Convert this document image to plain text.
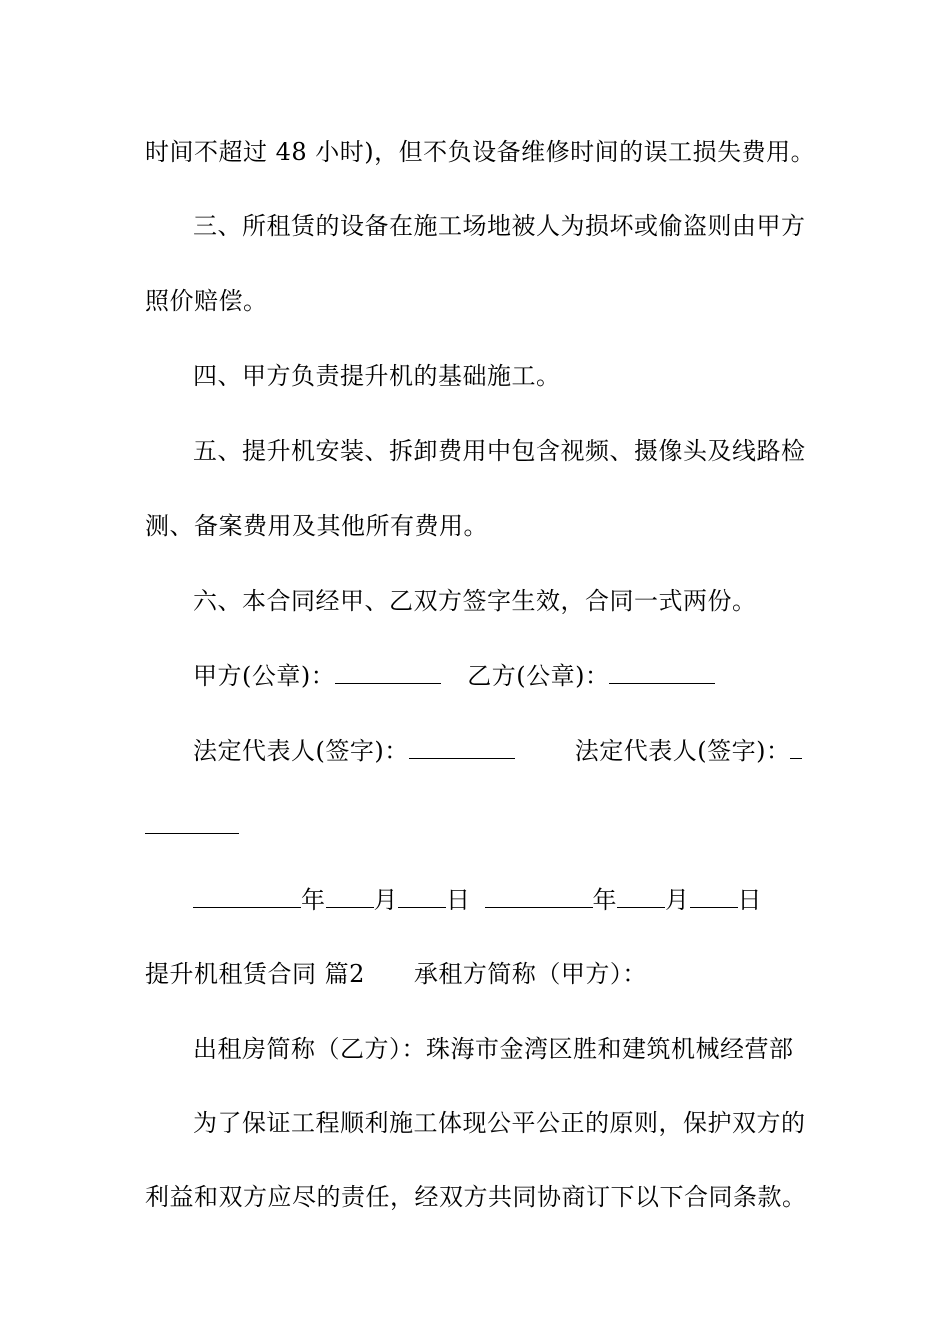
时间不超过 48 小时)，但不负设备维修时间的误工损失费用。
三、所租赁的设备在施工场地被人为损坏或偷盗则由甲方
照价赔偿。
四、甲方负责提升机的基础施工。
五、提升机安装、拆卸费用中包含视频、摄像头及线路检
测、备案费用及其他所有费用。
六、本合同经甲、乙双方签字生效，合同一式两份。
甲方(公章)：	乙方(公章)：
法定代表人(签字)：	法定代表人(签字)：
年 月 日	年 月 日
提升机租赁合同 篇2　　承租方简称（甲方）：
出租房简称（乙方）：珠海市金湾区胜和建筑机械经营部
为了保证工程顺利施工体现公平公正的原则，保护双方的
利益和双方应尽的责任，经双方共同协商订下以下合同条款。
